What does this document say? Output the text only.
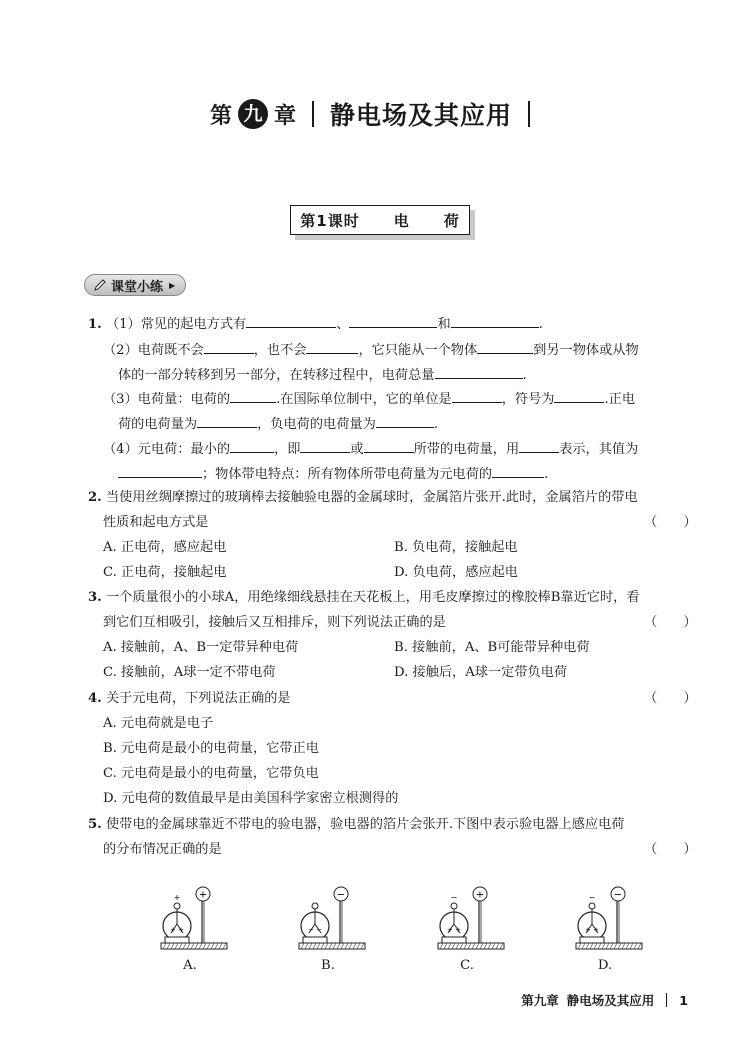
第 九 章 静电场及其应用
第1课时 电 荷
课堂小练 ▶
1. （1）常见的起电方式有	、	和	.
（2）电荷既不会	，也不会	，它只能从一个物体	到另一物体或从物
体的一部分转移到另一部分，在转移过程中，电荷总量	.
（3）电荷量：电荷的	.在国际单位制中，它的单位是	，符号为	.正电
荷的电荷量为	，负电荷的电荷量为	.
（4）元电荷：最小的	，即	或	所带的电荷量，用	表示，其值为
；物体带电特点：所有物体所带电荷量为元电荷的	.
2. 当使用丝绸摩擦过的玻璃棒去接触验电器的金属球时，金属箔片张开.此时，金属箔片的带电
性质和起电方式是	（　　）
A. 正电荷，感应起电	B. 负电荷，接触起电
C. 正电荷，接触起电	D. 负电荷，感应起电
3. 一个质量很小的小球A，用绝缘细线悬挂在天花板上，用毛皮摩擦过的橡胶棒B靠近它时，看
到它们互相吸引，接触后又互相排斥，则下列说法正确的是	（　　）
A. 接触前，A、B一定带异种电荷	B. 接触前，A、B可能带异种电荷
C. 接触前，A球一定不带电荷	D. 接触后，A球一定带负电荷
4. 关于元电荷，下列说法正确的是	（　　）
A. 元电荷就是电子
B. 元电荷是最小的电荷量，它带正电
C. 元电荷是最小的电荷量，它带负电
D. 元电荷的数值最早是由美国科学家密立根测得的
5. 使带电的金属球靠近不带电的验电器，验电器的箔片会张开.下图中表示验电器上感应电荷
的分布情况正确的是	（　　）
+
+
+ +
A.
−
− −
B.
+
−
+ +
C.
−
−
+ +
D.
第九章 静电场及其应用 1
